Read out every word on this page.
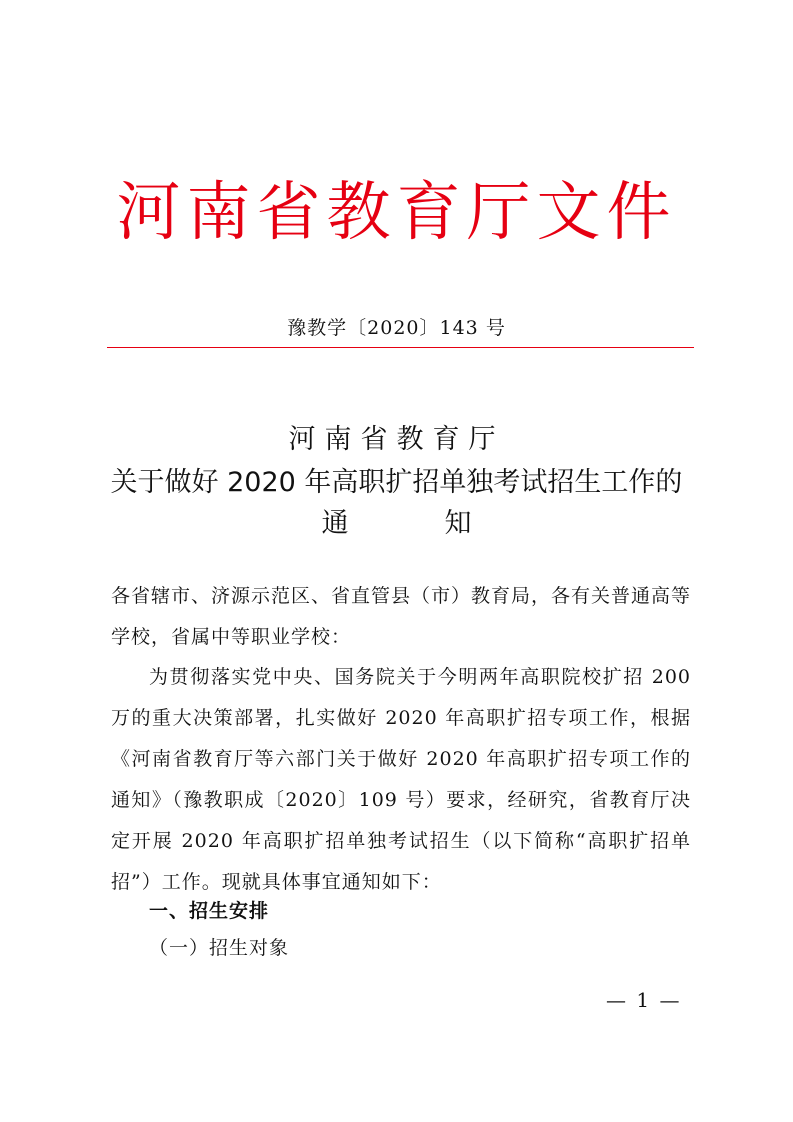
河南省教育厅文件
豫教学〔2020〕143 号
河南省教育厅
关于做好 2020 年高职扩招单独考试招生工作的
通	知
各省辖市、济源示范区、省直管县（市）教育局，各有关普通高等学校，省属中等职业学校：
为贯彻落实党中央、国务院关于今明两年高职院校扩招 200 万的重大决策部署，扎实做好 2020 年高职扩招专项工作，根据《河南省教育厅等六部门关于做好 2020 年高职扩招专项工作的通知》（豫教职成〔2020〕109 号）要求，经研究，省教育厅决定开展 2020 年高职扩招单独考试招生（以下简称“高职扩招单招”）工作。现就具体事宜通知如下：
一、招生安排
（一）招生对象
— 1 —
